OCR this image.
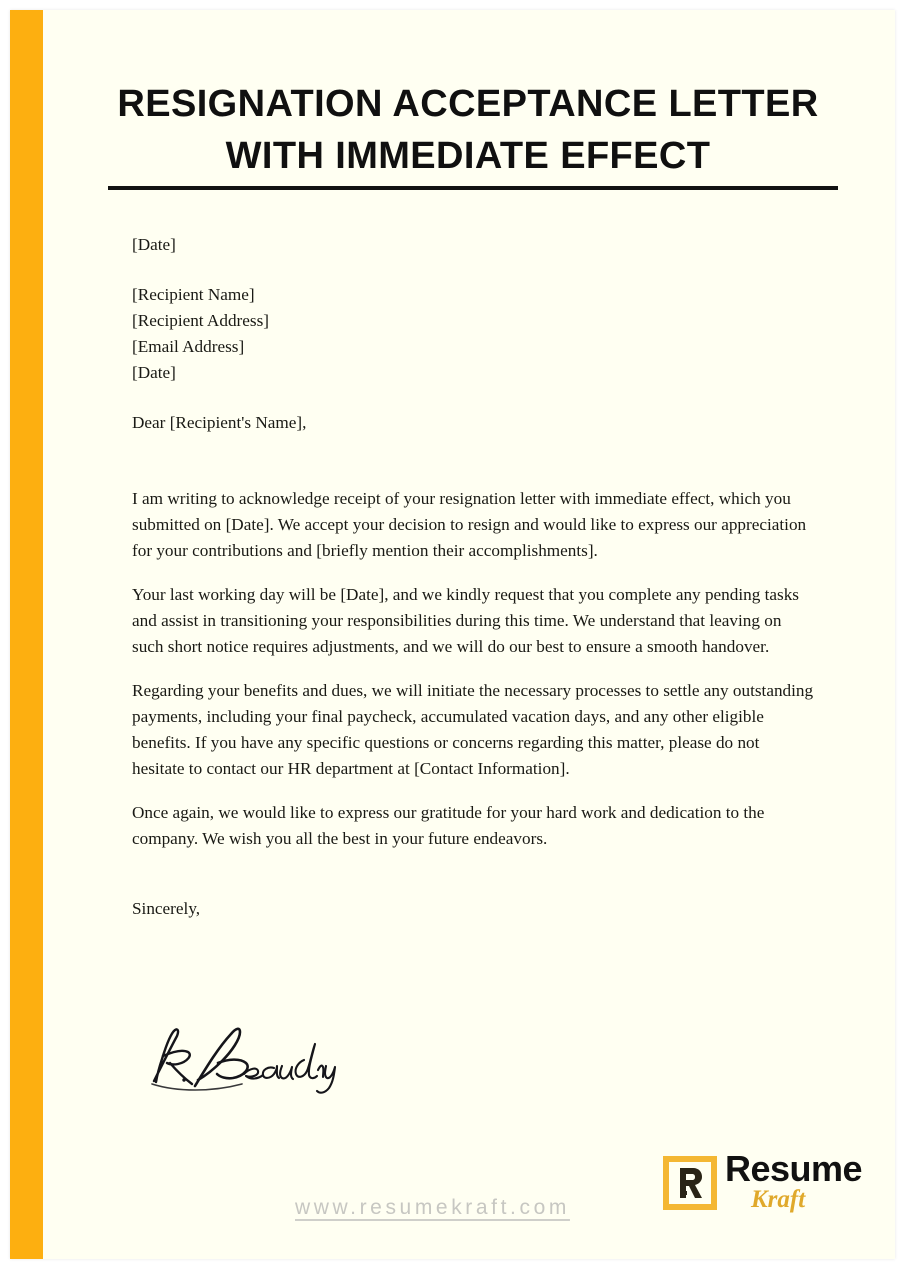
RESIGNATION ACCEPTANCE LETTER
WITH IMMEDIATE EFFECT

[Date]

[Recipient Name]
[Recipient Address]
[Email Address]
[Date]

Dear [Recipient's Name],

I am writing to acknowledge receipt of your resignation letter with immediate effect, which you submitted on [Date]. We accept your decision to resign and would like to express our appreciation for your contributions and [briefly mention their accomplishments].

Your last working day will be [Date], and we kindly request that you complete any pending tasks and assist in transitioning your responsibilities during this time. We understand that leaving on such short notice requires adjustments, and we will do our best to ensure a smooth handover.

Regarding your benefits and dues, we will initiate the necessary processes to settle any outstanding payments, including your final paycheck, accumulated vacation days, and any other eligible benefits. If you have any specific questions or concerns regarding this matter, please do not hesitate to contact our HR department at [Contact Information].

Once again, we would like to express our gratitude for your hard work and dedication to the company. We wish you all the best in your future endeavors.

Sincerely,

www.resumekraft.com
Resume
Kraft
